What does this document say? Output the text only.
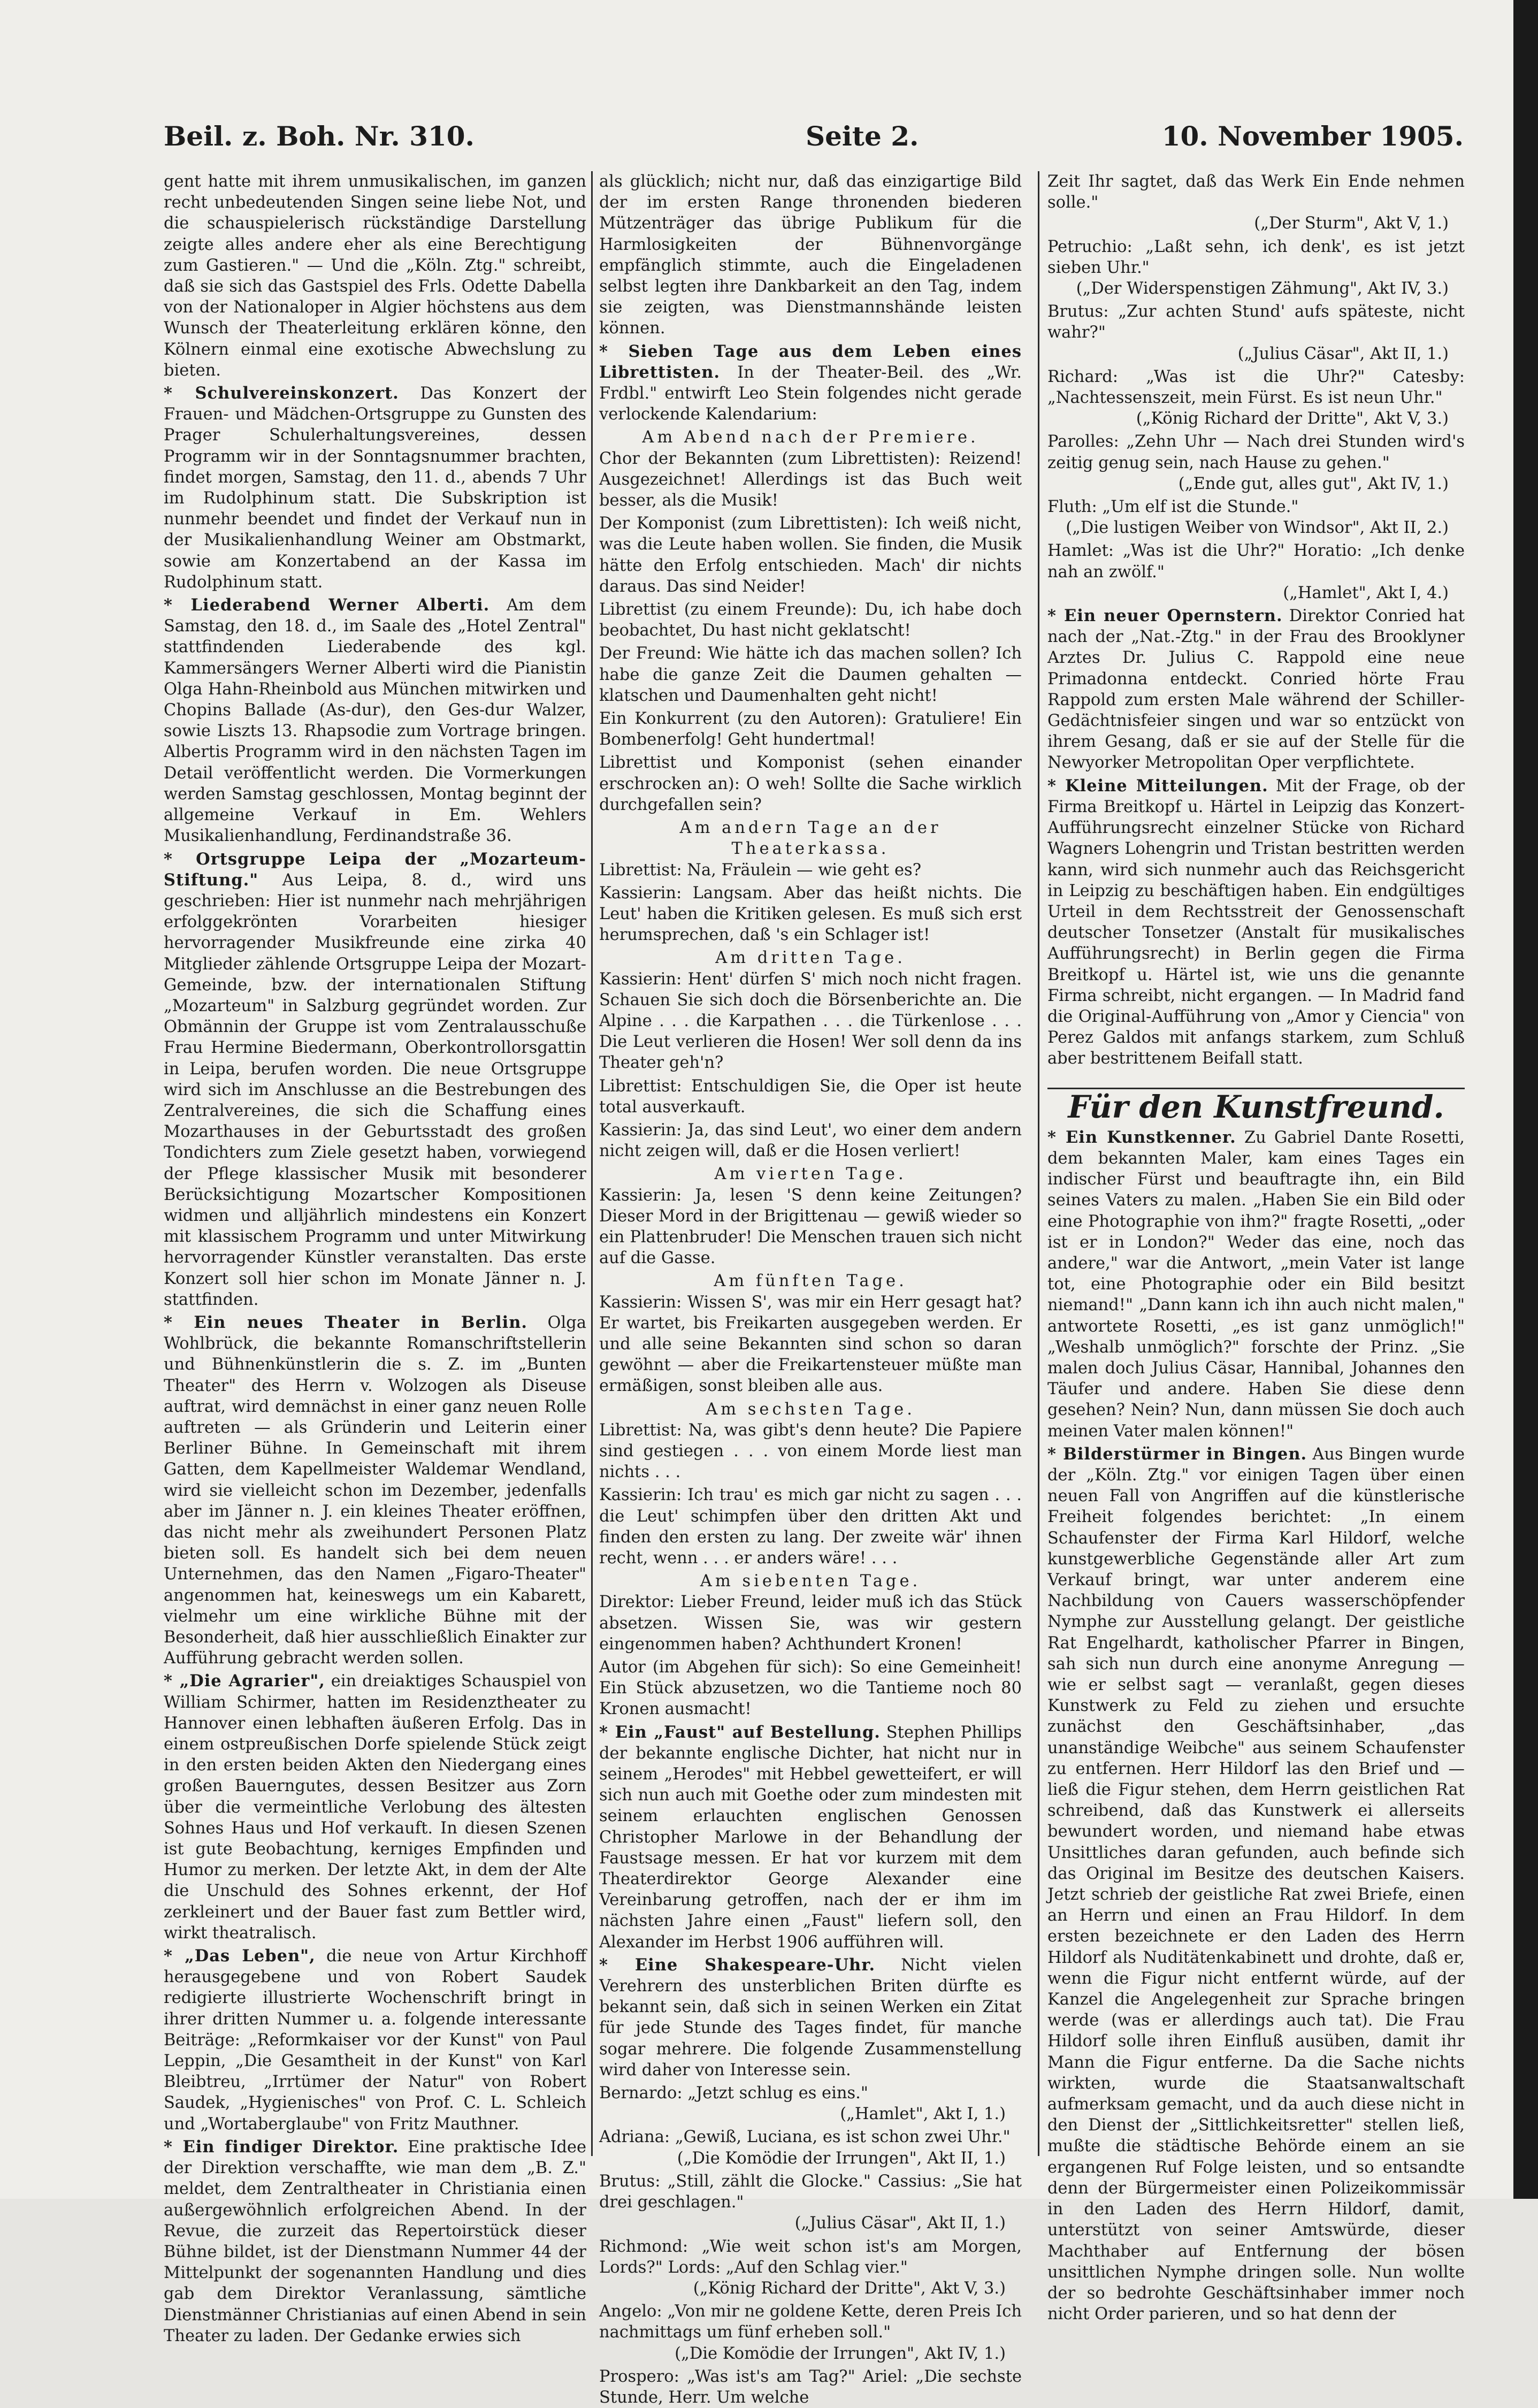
Beil. z. Boh. Nr. 310.	Seite 2.	10. November 1905.

gent hatte mit ihrem unmusikalischen, im ganzen recht unbedeutenden Singen seine liebe Not, und die schauspielerisch rückständige Darstellung zeigte alles andere eher als eine Berechtigung zum Gastieren." — Und die „Köln. Ztg." schreibt, daß sie sich das Gastspiel des Frls. Odette Dabella von der Nationaloper in Algier höchstens aus dem Wunsch der Theaterleitung erklären könne, den Kölnern einmal eine exotische Abwechslung zu bieten.

* Schulvereinskonzert. Das Konzert der Frauen- und Mädchen-Ortsgruppe zu Gunsten des Prager Schulerhaltungsvereines, dessen Programm wir in der Sonntagsnummer brachten, findet morgen, Samstag, den 11. d., abends 7 Uhr im Rudolphinum statt. Die Subskription ist nunmehr beendet und findet der Verkauf nun in der Musikalienhandlung Weiner am Obstmarkt, sowie am Konzertabend an der Kassa im Rudolphinum statt.

* Liederabend Werner Alberti. Am dem Samstag, den 18. d., im Saale des „Hotel Zentral" stattfindenden Liederabende des kgl. Kammersängers Werner Alberti wird die Pianistin Olga Hahn-Rheinbold aus München mitwirken und Chopins Ballade (As-dur), den Ges-dur Walzer, sowie Liszts 13. Rhapsodie zum Vortrage bringen. Albertis Programm wird in den nächsten Tagen im Detail veröffentlicht werden. Die Vormerkungen werden Samstag geschlossen, Montag beginnt der allgemeine Verkauf in Em. Wehlers Musikalienhandlung, Ferdinandstraße 36.

* Ortsgruppe Leipa der „Mozarteum-Stiftung." Aus Leipa, 8. d., wird uns geschrieben: Hier ist nunmehr nach mehrjährigen erfolggekrönten Vorarbeiten hiesiger hervorragender Musikfreunde eine zirka 40 Mitglieder zählende Ortsgruppe Leipa der Mozart-Gemeinde, bzw. der internationalen Stiftung „Mozarteum" in Salzburg gegründet worden. Zur Obmännin der Gruppe ist vom Zentralausschuße Frau Hermine Biedermann, Oberkontrollorsgattin in Leipa, berufen worden. Die neue Ortsgruppe wird sich im Anschlusse an die Bestrebungen des Zentralvereines, die sich die Schaffung eines Mozarthauses in der Geburtsstadt des großen Tondichters zum Ziele gesetzt haben, vorwiegend der Pflege klassischer Musik mit besonderer Berücksichtigung Mozartscher Kompositionen widmen und alljährlich mindestens ein Konzert mit klassischem Programm und unter Mitwirkung hervorragender Künstler veranstalten. Das erste Konzert soll hier schon im Monate Jänner n. J. stattfinden.

* Ein neues Theater in Berlin. Olga Wohlbrück, die bekannte Romanschriftstellerin und Bühnenkünstlerin die s. Z. im „Bunten Theater" des Herrn v. Wolzogen als Diseuse auftrat, wird demnächst in einer ganz neuen Rolle auftreten — als Gründerin und Leiterin einer Berliner Bühne. In Gemeinschaft mit ihrem Gatten, dem Kapellmeister Waldemar Wendland, wird sie vielleicht schon im Dezember, jedenfalls aber im Jänner n. J. ein kleines Theater eröffnen, das nicht mehr als zweihundert Personen Platz bieten soll. Es handelt sich bei dem neuen Unternehmen, das den Namen „Figaro-Theater" angenommen hat, keineswegs um ein Kabarett, vielmehr um eine wirkliche Bühne mit der Besonderheit, daß hier ausschließlich Einakter zur Aufführung gebracht werden sollen.

* „Die Agrarier", ein dreiaktiges Schauspiel von William Schirmer, hatten im Residenztheater zu Hannover einen lebhaften äußeren Erfolg. Das in einem ostpreußischen Dorfe spielende Stück zeigt in den ersten beiden Akten den Niedergang eines großen Bauerngutes, dessen Besitzer aus Zorn über die vermeintliche Verlobung des ältesten Sohnes Haus und Hof verkauft. In diesen Szenen ist gute Beobachtung, kerniges Empfinden und Humor zu merken. Der letzte Akt, in dem der Alte die Unschuld des Sohnes erkennt, der Hof zerkleinert und der Bauer fast zum Bettler wird, wirkt theatralisch.

* „Das Leben", die neue von Artur Kirchhoff herausgegebene und von Robert Saudek redigierte illustrierte Wochenschrift bringt in ihrer dritten Nummer u. a. folgende interessante Beiträge: „Reformkaiser vor der Kunst" von Paul Leppin, „Die Gesamtheit in der Kunst" von Karl Bleibtreu, „Irrtümer der Natur" von Robert Saudek, „Hygienisches" von Prof. C. L. Schleich und „Wortaberglaube" von Fritz Mauthner.

* Ein findiger Direktor. Eine praktische Idee der Direktion verschaffte, wie man dem „B. Z." meldet, dem Zentraltheater in Christiania einen außergewöhnlich erfolgreichen Abend. In der Revue, die zurzeit das Repertoirstück dieser Bühne bildet, ist der Dienstmann Nummer 44 der Mittelpunkt der sogenannten Handlung und dies gab dem Direktor Veranlassung, sämtliche Dienstmänner Christianias auf einen Abend in sein Theater zu laden. Der Gedanke erwies sich

als glücklich; nicht nur, daß das einzigartige Bild der im ersten Range thronenden biederen Mützenträger das übrige Publikum für die Harmlosigkeiten der Bühnenvorgänge empfänglich stimmte, auch die Eingeladenen selbst legten ihre Dankbarkeit an den Tag, indem sie zeigten, was Dienstmannshände leisten können.

* Sieben Tage aus dem Leben eines Librettisten. In der Theater-Beil. des „Wr. Frdbl." entwirft Leo Stein folgendes nicht gerade verlockende Kalendarium:

Am Abend nach der Premiere.

Chor der Bekannten (zum Librettisten): Reizend! Ausgezeichnet! Allerdings ist das Buch weit besser, als die Musik!

Der Komponist (zum Librettisten): Ich weiß nicht, was die Leute haben wollen. Sie finden, die Musik hätte den Erfolg entschieden. Mach' dir nichts daraus. Das sind Neider!

Librettist (zu einem Freunde): Du, ich habe doch beobachtet, Du hast nicht geklatscht!

Der Freund: Wie hätte ich das machen sollen? Ich habe die ganze Zeit die Daumen gehalten — klatschen und Daumenhalten geht nicht!

Ein Konkurrent (zu den Autoren): Gratuliere! Ein Bombenerfolg! Geht hundertmal!

Librettist und Komponist (sehen einander erschrocken an): O weh! Sollte die Sache wirklich durchgefallen sein?

Am andern Tage an der Theaterkassa.

Librettist: Na, Fräulein — wie geht es?

Kassierin: Langsam. Aber das heißt nichts. Die Leut' haben die Kritiken gelesen. Es muß sich erst herumsprechen, daß 's ein Schlager ist!

Am dritten Tage.

Kassierin: Hent' dürfen S' mich noch nicht fragen. Schauen Sie sich doch die Börsenberichte an. Die Alpine . . . die Karpathen . . . die Türkenlose . . . Die Leut verlieren die Hosen! Wer soll denn da ins Theater geh'n?

Librettist: Entschuldigen Sie, die Oper ist heute total ausverkauft.

Kassierin: Ja, das sind Leut', wo einer dem andern nicht zeigen will, daß er die Hosen verliert!

Am vierten Tage.

Kassierin: Ja, lesen 'S denn keine Zeitungen? Dieser Mord in der Brigittenau — gewiß wieder so ein Plattenbruder! Die Menschen trauen sich nicht auf die Gasse.

Am fünften Tage.

Kassierin: Wissen S', was mir ein Herr gesagt hat? Er wartet, bis Freikarten ausgegeben werden. Er und alle seine Bekannten sind schon so daran gewöhnt — aber die Freikartensteuer müßte man ermäßigen, sonst bleiben alle aus.

Am sechsten Tage.

Librettist: Na, was gibt's denn heute? Die Papiere sind gestiegen . . . von einem Morde liest man nichts . . .

Kassierin: Ich trau' es mich gar nicht zu sagen . . . die Leut' schimpfen über den dritten Akt und finden den ersten zu lang. Der zweite wär' ihnen recht, wenn . . . er anders wäre! . . .

Am siebenten Tage.

Direktor: Lieber Freund, leider muß ich das Stück absetzen. Wissen Sie, was wir gestern eingenommen haben? Achthundert Kronen!

Autor (im Abgehen für sich): So eine Gemeinheit! Ein Stück abzusetzen, wo die Tantieme noch 80 Kronen ausmacht!

* Ein „Faust" auf Bestellung. Stephen Phillips der bekannte englische Dichter, hat nicht nur in seinem „Herodes" mit Hebbel gewetteifert, er will sich nun auch mit Goethe oder zum mindesten mit seinem erlauchten englischen Genossen Christopher Marlowe in der Behandlung der Faustsage messen. Er hat vor kurzem mit dem Theaterdirektor George Alexander eine Vereinbarung getroffen, nach der er ihm im nächsten Jahre einen „Faust" liefern soll, den Alexander im Herbst 1906 aufführen will.

* Eine Shakespeare-Uhr. Nicht vielen Verehrern des unsterblichen Briten dürfte es bekannt sein, daß sich in seinen Werken ein Zitat für jede Stunde des Tages findet, für manche sogar mehrere. Die folgende Zusammenstellung wird daher von Interesse sein.

Bernardo: „Jetzt schlug es eins."
(„Hamlet", Akt I, 1.)

Adriana: „Gewiß, Luciana, es ist schon zwei Uhr."
(„Die Komödie der Irrungen", Akt II, 1.)

Brutus: „Still, zählt die Glocke." Cassius: „Sie hat drei geschlagen."
(„Julius Cäsar", Akt II, 1.)

Richmond: „Wie weit schon ist's am Morgen, Lords?" Lords: „Auf den Schlag vier."
(„König Richard der Dritte", Akt V, 3.)

Angelo: „Von mir ne goldene Kette, deren Preis Ich nachmittags um fünf erheben soll."
(„Die Komödie der Irrungen", Akt IV, 1.)

Prospero: „Was ist's am Tag?" Ariel: „Die sechste Stunde, Herr. Um welche

Zeit Ihr sagtet, daß das Werk Ein Ende nehmen solle."
(„Der Sturm", Akt V, 1.)

Petruchio: „Laßt sehn, ich denk', es ist jetzt sieben Uhr."
(„Der Widerspenstigen Zähmung", Akt IV, 3.)

Brutus: „Zur achten Stund' aufs späteste, nicht wahr?"
(„Julius Cäsar", Akt II, 1.)

Richard: „Was ist die Uhr?" Catesby: „Nachtessenszeit, mein Fürst. Es ist neun Uhr."
(„König Richard der Dritte", Akt V, 3.)

Parolles: „Zehn Uhr — Nach drei Stunden wird's zeitig genug sein, nach Hause zu gehen."
(„Ende gut, alles gut", Akt IV, 1.)

Fluth: „Um elf ist die Stunde."
(„Die lustigen Weiber von Windsor", Akt II, 2.)

Hamlet: „Was ist die Uhr?" Horatio: „Ich denke nah an zwölf."
(„Hamlet", Akt I, 4.)

* Ein neuer Opernstern. Direktor Conried hat nach der „Nat.-Ztg." in der Frau des Brooklyner Arztes Dr. Julius C. Rappold eine neue Primadonna entdeckt. Conried hörte Frau Rappold zum ersten Male während der Schiller-Gedächtnisfeier singen und war so entzückt von ihrem Gesang, daß er sie auf der Stelle für die Newyorker Metropolitan Oper verpflichtete.

* Kleine Mitteilungen. Mit der Frage, ob der Firma Breitkopf u. Härtel in Leipzig das Konzert-Aufführungsrecht einzelner Stücke von Richard Wagners Lohengrin und Tristan bestritten werden kann, wird sich nunmehr auch das Reichsgericht in Leipzig zu beschäftigen haben. Ein endgültiges Urteil in dem Rechtsstreit der Genossenschaft deutscher Tonsetzer (Anstalt für musikalisches Aufführungsrecht) in Berlin gegen die Firma Breitkopf u. Härtel ist, wie uns die genannte Firma schreibt, nicht ergangen. — In Madrid fand die Original-Aufführung von „Amor y Ciencia" von Perez Galdos mit anfangs starkem, zum Schluß aber bestrittenem Beifall statt.

Für den Kunstfreund.

* Ein Kunstkenner. Zu Gabriel Dante Rosetti, dem bekannten Maler, kam eines Tages ein indischer Fürst und beauftragte ihn, ein Bild seines Vaters zu malen. „Haben Sie ein Bild oder eine Photographie von ihm?" fragte Rosetti, „oder ist er in London?" Weder das eine, noch das andere," war die Antwort, „mein Vater ist lange tot, eine Photographie oder ein Bild besitzt niemand!" „Dann kann ich ihn auch nicht malen," antwortete Rosetti, „es ist ganz unmöglich!" „Weshalb unmöglich?" forschte der Prinz. „Sie malen doch Julius Cäsar, Hannibal, Johannes den Täufer und andere. Haben Sie diese denn gesehen? Nein? Nun, dann müssen Sie doch auch meinen Vater malen können!"

* Bilderstürmer in Bingen. Aus Bingen wurde der „Köln. Ztg." vor einigen Tagen über einen neuen Fall von Angriffen auf die künstlerische Freiheit folgendes berichtet: „In einem Schaufenster der Firma Karl Hildorf, welche kunstgewerbliche Gegenstände aller Art zum Verkauf bringt, war unter anderem eine Nachbildung von Cauers wasserschöpfender Nymphe zur Ausstellung gelangt. Der geistliche Rat Engelhardt, katholischer Pfarrer in Bingen, sah sich nun durch eine anonyme Anregung — wie er selbst sagt — veranlaßt, gegen dieses Kunstwerk zu Feld zu ziehen und ersuchte zunächst den Geschäftsinhaber, „das unanständige Weibche" aus seinem Schaufenster zu entfernen. Herr Hildorf las den Brief und — ließ die Figur stehen, dem Herrn geistlichen Rat schreibend, daß das Kunstwerk ei allerseits bewundert worden, und niemand habe etwas Unsittliches daran gefunden, auch befinde sich das Original im Besitze des deutschen Kaisers. Jetzt schrieb der geistliche Rat zwei Briefe, einen an Herrn und einen an Frau Hildorf. In dem ersten bezeichnete er den Laden des Herrn Hildorf als Nuditätenkabinett und drohte, daß er, wenn die Figur nicht entfernt würde, auf der Kanzel die Angelegenheit zur Sprache bringen werde (was er allerdings auch tat). Die Frau Hildorf solle ihren Einfluß ausüben, damit ihr Mann die Figur entferne. Da die Sache nichts wirkten, wurde die Staatsanwaltschaft aufmerksam gemacht, und da auch diese nicht in den Dienst der „Sittlichkeitsretter" stellen ließ, mußte die städtische Behörde einem an sie ergangenen Ruf Folge leisten, und so entsandte denn der Bürgermeister einen Polizeikommissär in den Laden des Herrn Hildorf, damit, unterstützt von seiner Amtswürde, dieser Machthaber auf Entfernung der bösen unsittlichen Nymphe dringen solle. Nun wollte der so bedrohte Geschäftsinhaber immer noch nicht Order parieren, und so hat denn der
